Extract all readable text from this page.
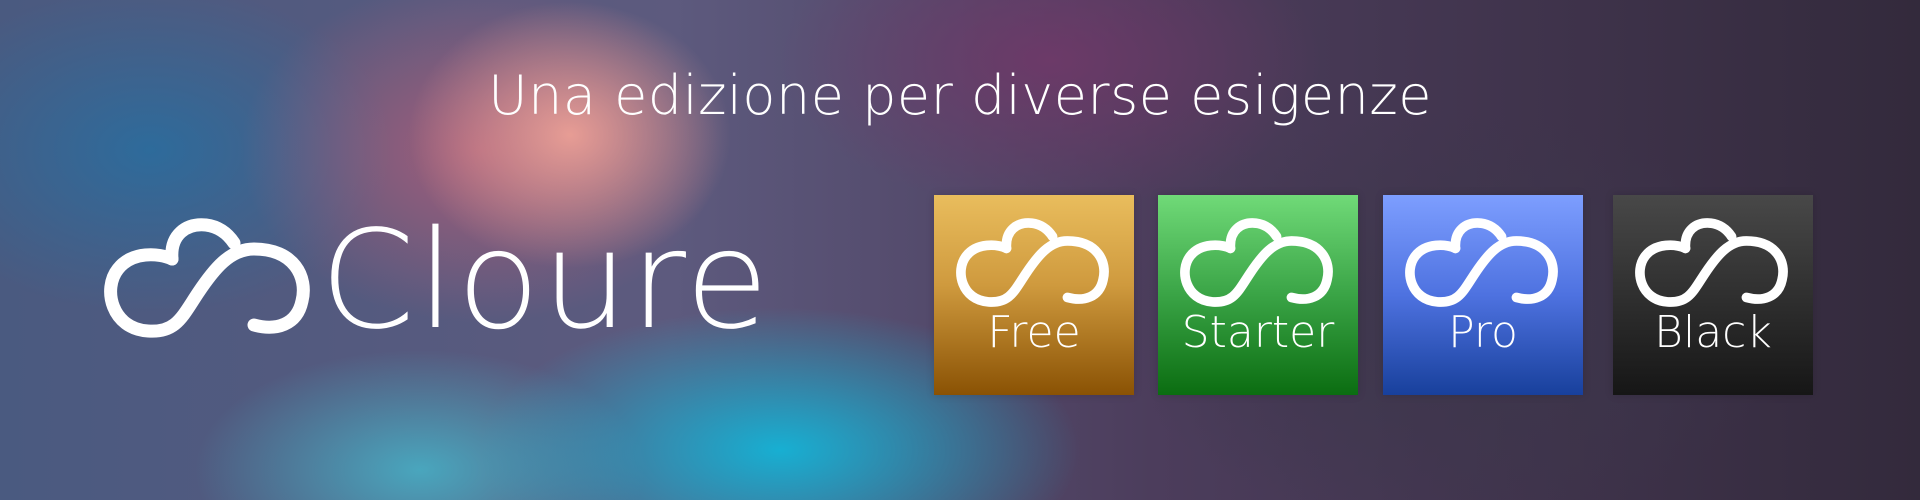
Una edizione per diverse esigenze
Cloure	Free	Starter	Pro	Black
